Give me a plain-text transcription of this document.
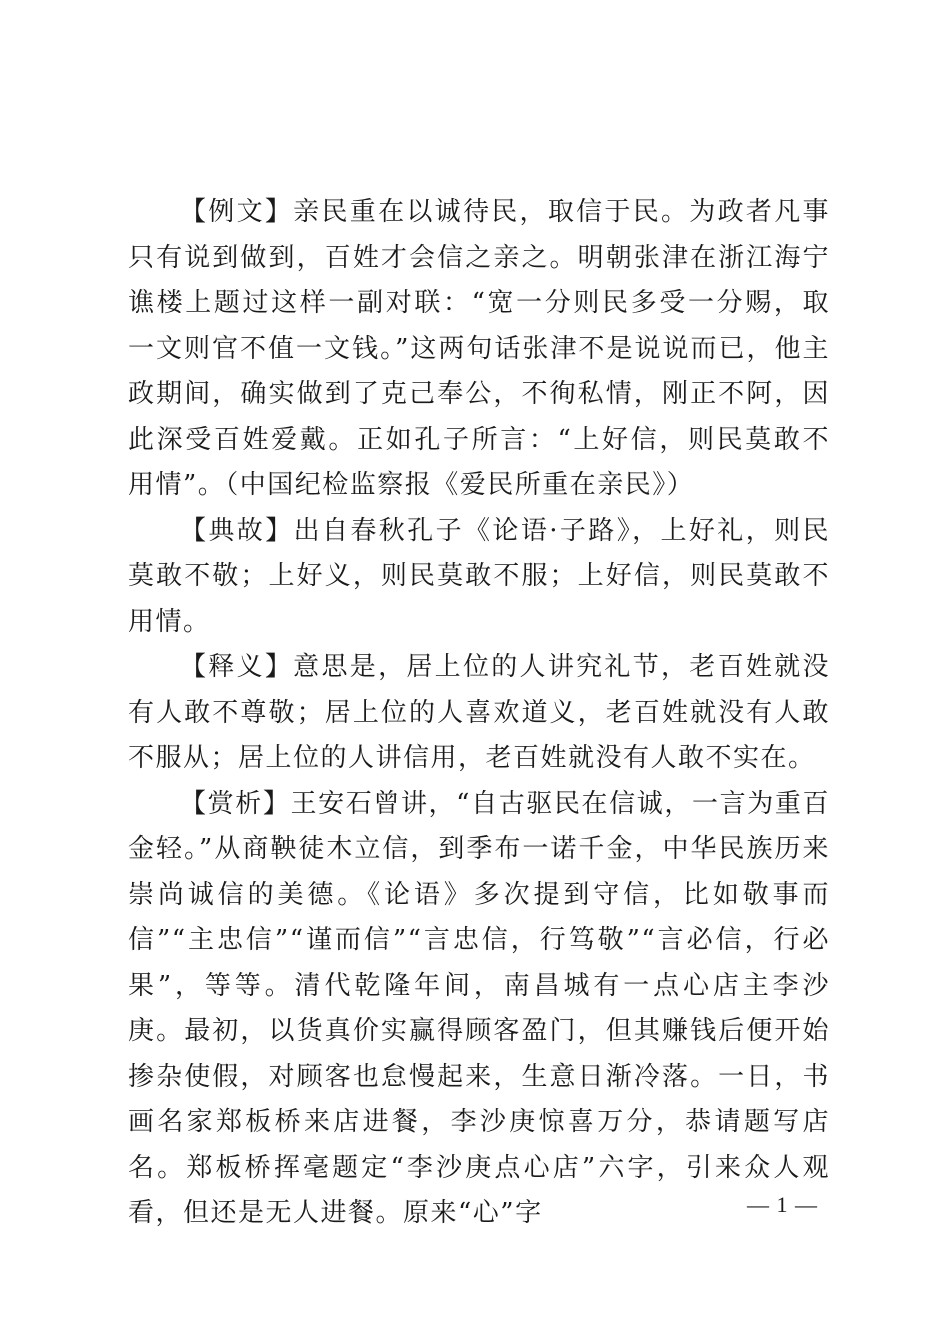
【例文】亲民重在以诚待民，取信于民。为政者凡事只有说到做到，百姓才会信之亲之。明朝张津在浙江海宁谯楼上题过这样一副对联：“宽一分则民多受一分赐，取一文则官不值一文钱。”这两句话张津不是说说而已，他主政期间，确实做到了克己奉公，不徇私情，刚正不阿，因此深受百姓爱戴。正如孔子所言：“上好信，则民莫敢不用情”。（中国纪检监察报《爱民所重在亲民》）

【典故】出自春秋孔子《论语·子路》，上好礼，则民莫敢不敬；上好义，则民莫敢不服；上好信，则民莫敢不用情。

【释义】意思是，居上位的人讲究礼节，老百姓就没有人敢不尊敬；居上位的人喜欢道义，老百姓就没有人敢不服从；居上位的人讲信用，老百姓就没有人敢不实在。

【赏析】王安石曾讲，“自古驱民在信诚，一言为重百金轻。”从商鞅徒木立信，到季布一诺千金，中华民族历来崇尚诚信的美德。《论语》多次提到守信，比如敬事而信”“主忠信”“谨而信”“言忠信，行笃敬”“言必信，行必果”，等等。清代乾隆年间，南昌城有一点心店主李沙庚。最初，以货真价实赢得顾客盈门，但其赚钱后便开始掺杂使假，对顾客也怠慢起来，生意日渐冷落。一日，书画名家郑板桥来店进餐，李沙庚惊喜万分，恭请题写店名。郑板桥挥毫题定“李沙庚点心店”六字，引来众人观看，但还是无人进餐。原来“心”字	— 1 —
